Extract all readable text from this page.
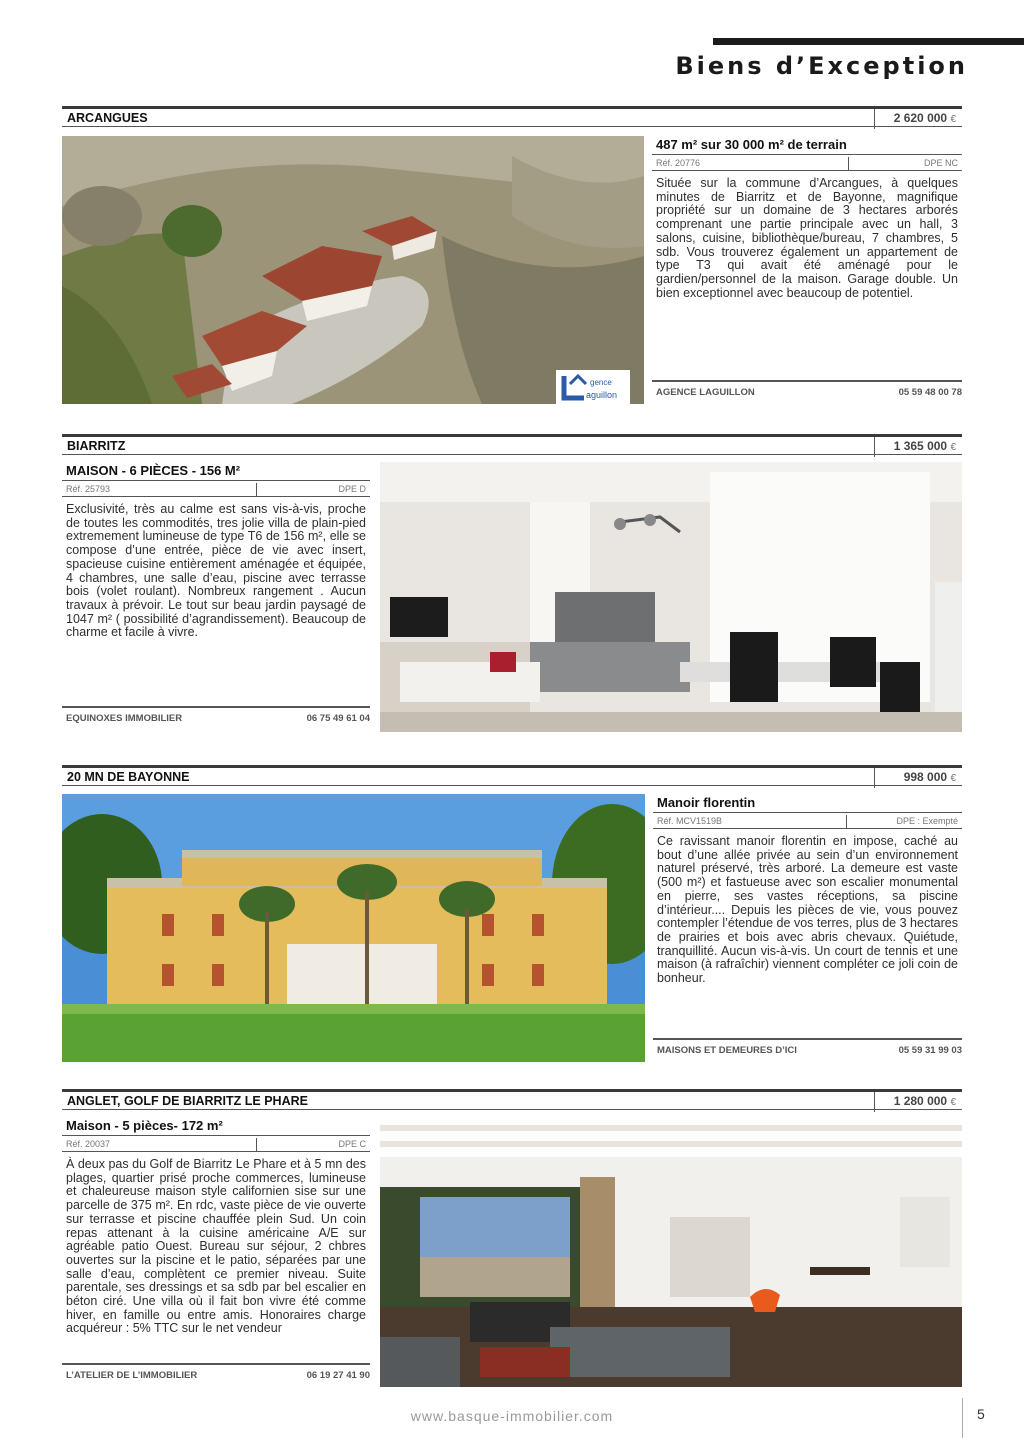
Biens d’Exception
ARCANGUES	2 620 000 €
gence
aguillon
487 m² sur 30 000 m² de terrain
Réf. 20776	DPE NC
Située sur la commune d’Arcangues, à quelques minutes de Biarritz et de Bayonne, magnifique propriété sur un domaine de 3 hectares arborés comprenant une partie principale avec un hall, 3 salons, cuisine, bibliothèque/bureau, 7 chambres, 5 sdb. Vous trouverez également un appartement de type T3 qui avait été aménagé pour le gardien/personnel de la maison. Garage double. Un bien exceptionnel avec beaucoup de potentiel.
AGENCE LAGUILLON	05 59 48 00 78
BIARRITZ	1 365 000 €
MAISON - 6 PIÈCES - 156 M²
Réf. 25793	DPE D
Exclusivité, très au calme est sans vis-à-vis, proche de toutes les commodités, tres jolie villa de plain-pied extremement lumineuse de type T6 de 156 m², elle se compose d’une entrée, pièce de vie avec insert, spacieuse cuisine entièrement aménagée et équipée, 4 chambres, une salle d’eau, piscine avec terrasse bois (volet roulant). Nombreux rangement . Aucun travaux à prévoir. Le tout sur beau jardin paysagé de 1047 m² ( possibilité d’agrandissement). Beaucoup de charme et facile à vivre.
EQUINOXES IMMOBILIER	06 75 49 61 04
20 MN DE BAYONNE	998 000 €
Manoir florentin
Réf. MCV1519B	DPE : Exempté
Ce ravissant manoir florentin en impose, caché au bout d’une allée privée au sein d’un environnement naturel préservé, très arboré. La demeure est vaste (500 m²) et fastueuse avec son escalier monumental en pierre, ses vastes réceptions, sa piscine d’intérieur.... Depuis les pièces de vie, vous pouvez contempler l’étendue de vos terres, plus de 3 hectares de prairies et bois avec abris chevaux. Quiétude, tranquillité. Aucun vis-à-vis. Un court de tennis et une maison (à rafraîchir) viennent compléter ce joli coin de bonheur.
MAISONS ET DEMEURES D’ICI	05 59 31 99 03
ANGLET, GOLF DE BIARRITZ LE PHARE	1 280 000 €
Maison - 5 pièces- 172 m²
Réf. 20037	DPE C
À deux pas du Golf de Biarritz Le Phare et à 5 mn des plages, quartier prisé proche commerces, lumineuse et chaleureuse maison style californien sise sur une parcelle de 375 m². En rdc, vaste pièce de vie ouverte sur terrasse et piscine chauffée plein Sud. Un coin repas attenant à la cuisine américaine A/E sur agréable patio Ouest. Bureau sur séjour, 2 chbres ouvertes sur la piscine et le patio, séparées par une salle d’eau, complètent ce premier niveau. Suite parentale, ses dressings et sa sdb par bel escalier en béton ciré. Une villa où il fait bon vivre été comme hiver, en famille ou entre amis. Honoraires charge acquéreur : 5% TTC sur le net vendeur
L’ATELIER DE L’IMMOBILIER	06 19 27 41 90
www.basque-immobilier.com	5
